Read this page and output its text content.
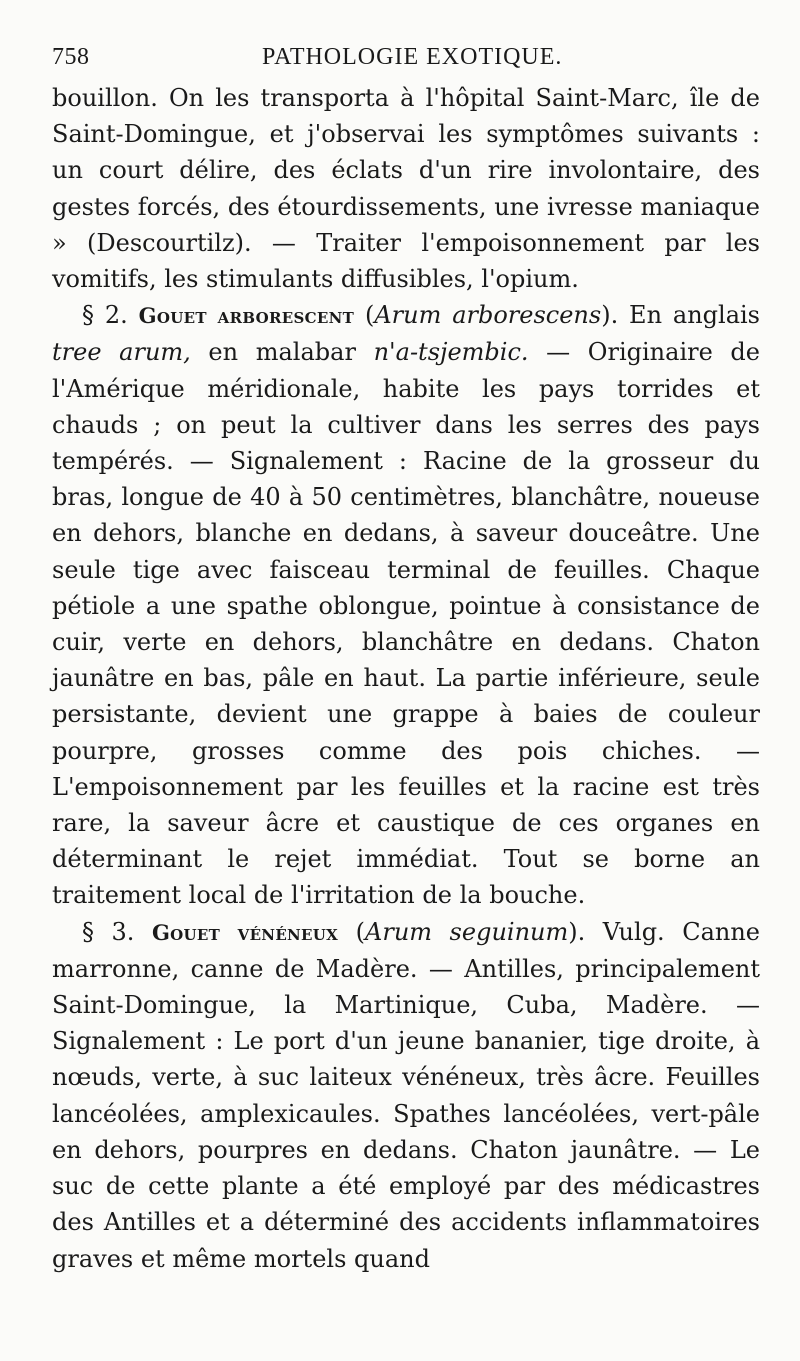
758	PATHOLOGIE EXOTIQUE.

bouillon. On les transporta à l'hôpital Saint-Marc, île de Saint-Domingue, et j'observai les symptômes suivants : un court délire, des éclats d'un rire involontaire, des gestes forcés, des étourdissements, une ivresse maniaque » (Descourtilz). — Traiter l'empoisonnement par les vomitifs, les stimulants diffusibles, l'opium.

§ 2. Gouet arborescent (Arum arborescens). En anglais tree arum, en malabar n'a-tsjembic. — Originaire de l'Amérique méridionale, habite les pays torrides et chauds ; on peut la cultiver dans les serres des pays tempérés. — Signalement : Racine de la grosseur du bras, longue de 40 à 50 centimètres, blanchâtre, noueuse en dehors, blanche en dedans, à saveur douceâtre. Une seule tige avec faisceau terminal de feuilles. Chaque pétiole a une spathe oblongue, pointue à consistance de cuir, verte en dehors, blanchâtre en dedans. Chaton jaunâtre en bas, pâle en haut. La partie inférieure, seule persistante, devient une grappe à baies de couleur pourpre, grosses comme des pois chiches. — L'empoisonnement par les feuilles et la racine est très rare, la saveur âcre et caustique de ces organes en déterminant le rejet immédiat. Tout se borne an traitement local de l'irritation de la bouche.

§ 3. Gouet vénéneux (Arum seguinum). Vulg. Canne marronne, canne de Madère. — Antilles, principalement Saint-Domingue, la Martinique, Cuba, Madère. — Signalement : Le port d'un jeune bananier, tige droite, à nœuds, verte, à suc laiteux vénéneux, très âcre. Feuilles lancéolées, amplexicaules. Spathes lancéolées, vert-pâle en dehors, pourpres en dedans. Chaton jaunâtre. — Le suc de cette plante a été employé par des médicastres des Antilles et a déterminé des accidents inflammatoires graves et même mortels quand
